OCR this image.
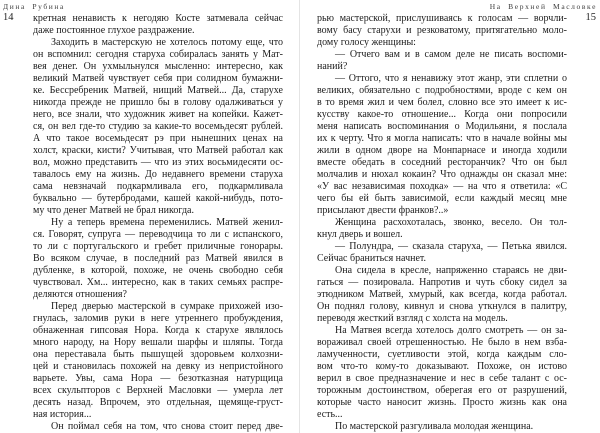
Дина Рубина	На Верхней Масловке
14	15
кретная ненависть к негодяю Косте затмевала сейчас
даже постоянное глухое раздражение.
Заходить в мастерскую не хотелось потому еще, что
он вспомнил: сегодня старуха собиралась занять у Мат-
вея денег. Он ухмыльнулся мысленно: интересно, как
великий Матвей чувствует себя при солидном бумажни-
ке. Бессребреник Матвей, нищий Матвей... Да, старухе
никогда прежде не пришло бы в голову одалживаться у
него, все знали, что художник живет на копейки. Кажет-
ся, он вел где-то студию за какие-то восемьдесят рублей.
А что такое восемьдесят рэ при нынешних ценах на
холст, краски, кисти? Учитывая, что Матвей работал как
вол, можно представить — что из этих восьмидесяти ос-
тавалось ему на жизнь. До недавнего времени старуха
сама невзначай подкармливала его, подкармливала
буквально — бутербродами, кашей какой-нибудь, пото-
му что денег Матвей не брал никогда.
Ну а теперь времена переменились. Матвей женил-
ся. Говорят, супруга — переводчица то ли с испанского,
то ли с португальского и гребет приличные гонорары.
Во всяком случае, в последний раз Матвей явился в
дубленке, в которой, похоже, не очень свободно себя
чувствовал. Хм... интересно, как в таких семьях распре-
деляются отношения?
Перед дверью мастерской в сумраке прихожей изо-
гнулась, заломив руки в неге утреннего пробуждения,
обнаженная гипсовая Нора. Когда к старухе являлось
много народу, на Нору вешали шарфы и шляпы. Тогда
она переставала быть пышущей здоровьем колхозни-
цей и становилась похожей на девку из непристойного
варьете. Увы, сама Нора — безотказная натурщица
всех скульпторов с Верхней Масловки — умерла лет
десять назад. Впрочем, это отдельная, щемяще-груст-
ная история...
Он поймал себя на том, что снова стоит перед две-
рью мастерской, прислушиваясь к голосам — ворчли-
вому басу старухи и резковатому, притягательно моло-
дому голосу женщины:
— Отчего вам и в самом деле не писать воспоми-
наний?
— Оттого, что я ненавижу этот жанр, эти сплетни о
великих, обязательно с подробностями, вроде с кем он
в то время жил и чем болел, словно все это имеет к ис-
кусству какое-то отношение... Когда они попросили
меня написать воспоминания о Модильяни, я послала
их к черту. Что я могла написать: что в начале войны мы
жили в одном дворе на Монпарнасе и иногда ходили
вместе обедать в соседний ресторанчик? Что он был
молчалив и нюхал кокаин? Что однажды он сказал мне:
«У вас независимая походка» — на что я ответила: «С
чего бы ей быть зависимой, если каждый месяц мне
присылают двести франков?..»
Женщина расхохоталась, звонко, весело. Он тол-
кнул дверь и вошел.
— Полундра, — сказала старуха, — Петька явился.
Сейчас браниться начнет.
Она сидела в кресле, напряженно стараясь не дви-
гаться — позировала. Напротив и чуть сбоку сидел за
этюдником Матвей, хмурый, как всегда, когда работал.
Он поднял голову, кивнул и снова уткнулся в палитру,
переводя жесткий взгляд с холста на модель.
На Матвея всегда хотелось долго смотреть — он за-
вораживал своей отрешенностью. Не было в нем взба-
ламученности, суетливости этой, когда каждым сло-
вом что-то кому-то доказывают. Похоже, он истово
верил в свое предназначение и нес в себе талант с ос-
торожным достоинством, оберегая его от разрушений,
которые часто наносит жизнь. Просто жизнь как она
есть...
По мастерской разгуливала молодая женщина.
